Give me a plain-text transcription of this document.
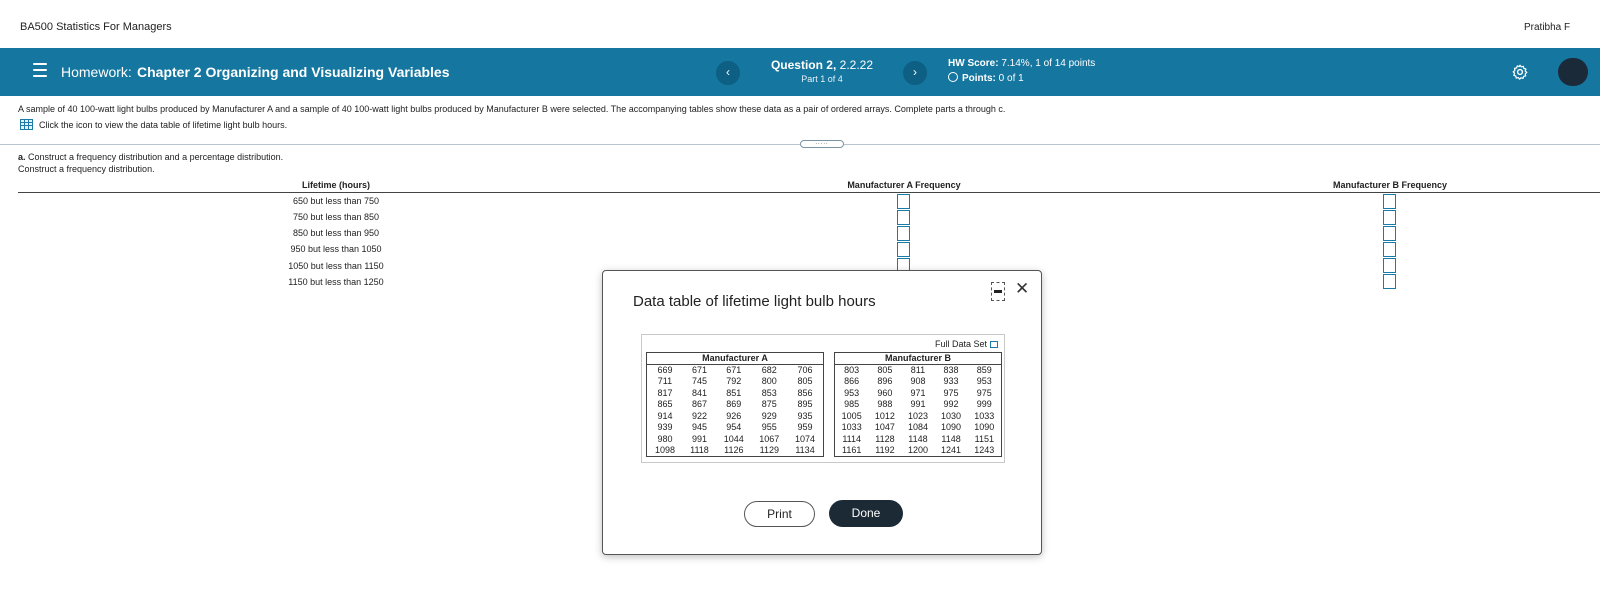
BA500 Statistics For Managers	Pratibha F
Homework: Chapter 2 Organizing and Visualizing Variables	‹	Question 2, 2.2.22
Part 1 of 4	›
HW Score: 7.14%, 1 of 14 points
Points: 0 of 1
A sample of 40 100-watt light bulbs produced by Manufacturer A and a sample of 40 100-watt light bulbs produced by Manufacturer B were selected. The accompanying tables show these data as a pair of ordered arrays. Complete parts a through c.
Click the icon to view the data table of lifetime light bulb hours.
.....
a. Construct a frequency distribution and a percentage distribution.
Construct a frequency distribution.
Lifetime (hours)	Manufacturer A Frequency	Manufacturer B Frequency
650 but less than 750
750 but less than 850
850 but less than 950
950 but less than 1050
1050 but less than 1150
1150 but less than 1250
Data table of lifetime light bulb hours
✕
Full Data Set
Manufacturer A				
669	671	671	682	706
711	745	792	800	805
817	841	851	853	856
865	867	869	875	895
914	922	926	929	935
939	945	954	955	959
980	991	1044	1067	1074
1098	1118	1126	1129	1134
Manufacturer B				
803	805	811	838	859
866	896	908	933	953
953	960	971	975	975
985	988	991	992	999
1005	1012	1023	1030	1033
1033	1047	1084	1090	1090
1114	1128	1148	1148	1151
1161	1192	1200	1241	1243
Print	Done
